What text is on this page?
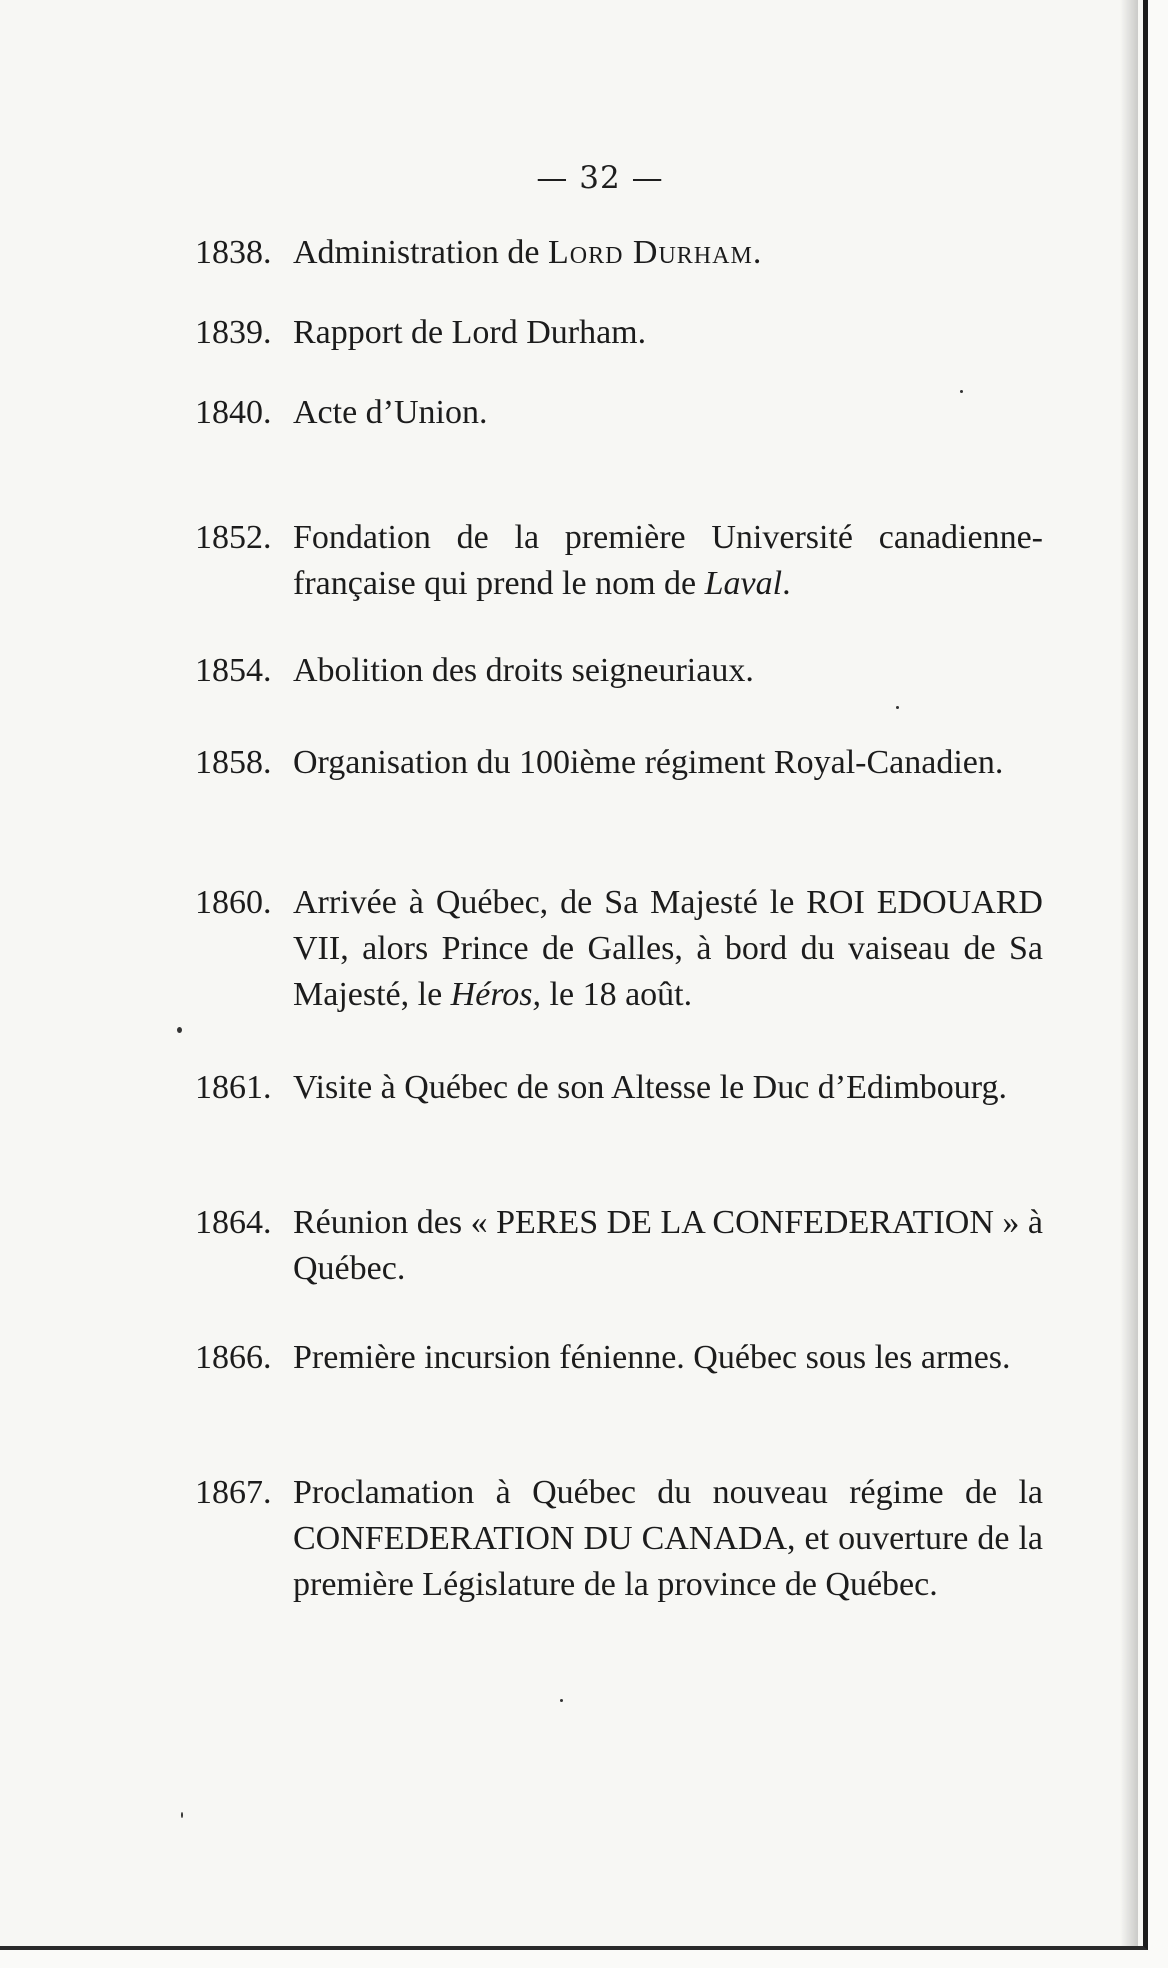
— 32 —
1838. Administration de Lord Durham.
1839. Rapport de Lord Durham.
1840. Acte d’Union.
1852. Fondation de la première Université canadienne-française qui prend le nom de Laval.
1854. Abolition des droits seigneuriaux.
1858. Organisation du 100ième régiment Royal-Canadien.
1860. Arrivée à Québec, de Sa Majesté le ROI EDOUARD VII, alors Prince de Galles, à bord du vaiseau de Sa Majesté, le Héros, le 18 août.
1861. Visite à Québec de son Altesse le Duc d’Edimbourg.
1864. Réunion des « PERES DE LA CONFEDERATION » à Québec.
1866. Première incursion fénienne. Québec sous les armes.
1867. Proclamation à Québec du nouveau régime de la CONFEDERATION DU CANADA, et ouverture de la première Législature de la province de Québec.
